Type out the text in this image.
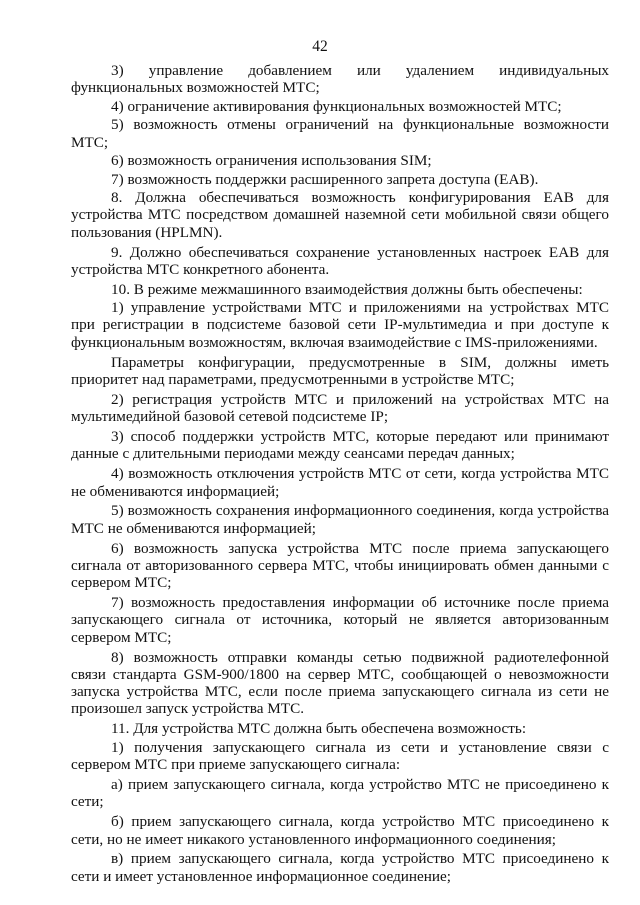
42

3) управление добавлением или удалением индивидуальных функциональных возможностей МТС;

4) ограничение активирования функциональных возможностей МТС;

5) возможность отмены ограничений на функциональные возможности МТС;

6) возможность ограничения использования SIM;

7) возможность поддержки расширенного запрета доступа (EAB).

8. Должна обеспечиваться возможность конфигурирования EAB для устройства МТС посредством домашней наземной сети мобильной связи общего пользования (HPLMN).

9. Должно обеспечиваться сохранение установленных настроек EAB для устройства МТС конкретного абонента.

10. В режиме межмашинного взаимодействия должны быть обеспечены:

1) управление устройствами МТС и приложениями на устройствах МТС при регистрации в подсистеме базовой сети IP-мультимедиа и при доступе к функциональным возможностям, включая взаимодействие с IMS-приложениями.

Параметры конфигурации, предусмотренные в SIM, должны иметь приоритет над параметрами, предусмотренными в устройстве МТС;

2) регистрация устройств МТС и приложений на устройствах МТС на мультимедийной базовой сетевой подсистеме IP;

3) способ поддержки устройств МТС, которые передают или принимают данные с длительными периодами между сеансами передач данных;

4) возможность отключения устройств МТС от сети, когда устройства МТС не обмениваются информацией;

5) возможность сохранения информационного соединения, когда устройства МТС не обмениваются информацией;

6) возможность запуска устройства МТС после приема запускающего сигнала от авторизованного сервера МТС, чтобы инициировать обмен данными с сервером МТС;

7) возможность предоставления информации об источнике после приема запускающего сигнала от источника, который не является авторизованным сервером МТС;

8) возможность отправки команды сетью подвижной радиотелефонной связи стандарта GSM-900/1800 на сервер МТС, сообщающей о невозможности запуска устройства МТС, если после приема запускающего сигнала из сети не произошел запуск устройства МТС.

11. Для устройства МТС должна быть обеспечена возможность:

1) получения запускающего сигнала из сети и установление связи с сервером МТС при приеме запускающего сигнала:

а) прием запускающего сигнала, когда устройство МТС не присоединено к сети;

б) прием запускающего сигнала, когда устройство МТС присоединено к сети, но не имеет никакого установленного информационного соединения;

в) прием запускающего сигнала, когда устройство МТС присоединено к сети и имеет установленное информационное соединение;
